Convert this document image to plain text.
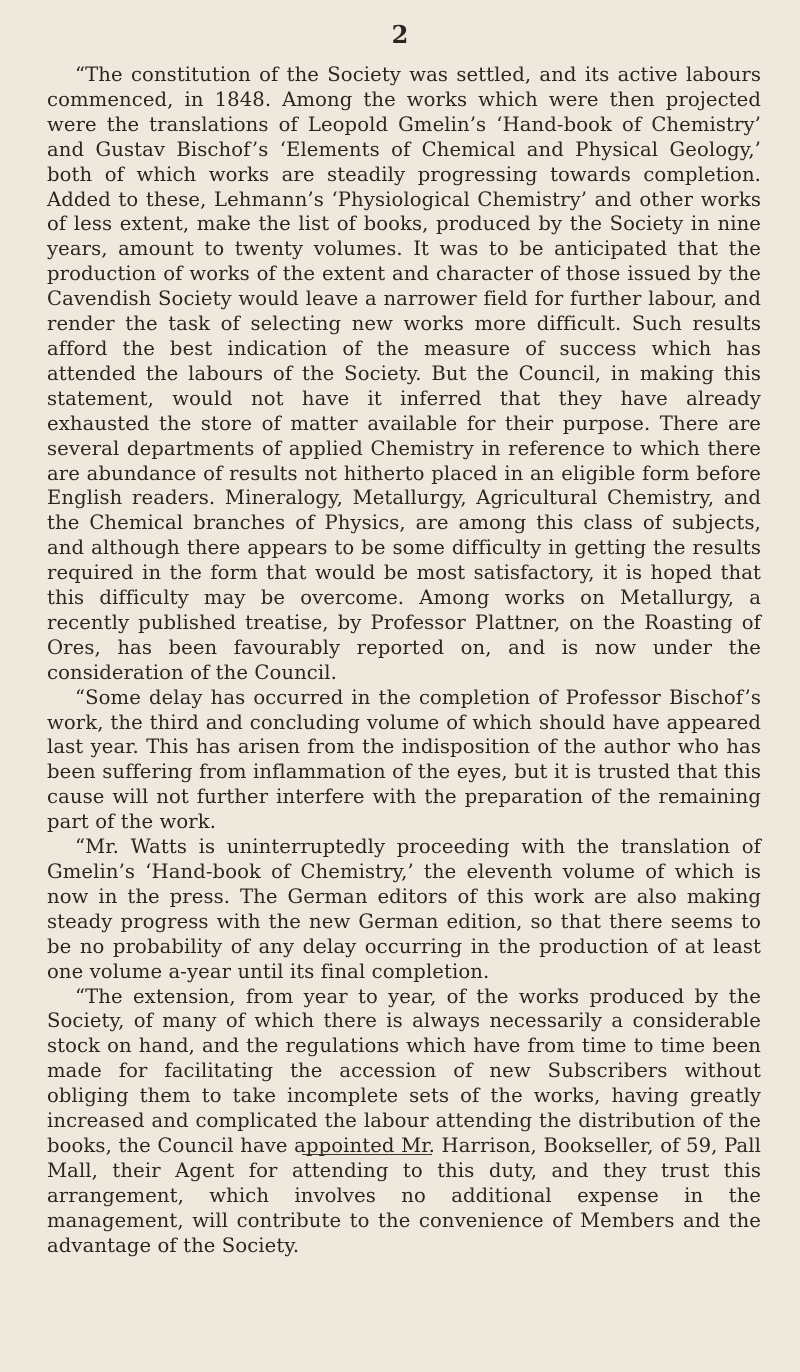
2

“The constitution of the Society was settled, and its active labours commenced, in 1848. Among the works which were then projected were the translations of Leopold Gmelin’s ‘Hand-book of Chemistry’ and Gustav Bischof’s ‘Elements of Chemical and Physical Geology,’ both of which works are steadily progressing towards completion. Added to these, Lehmann’s ‘Physiological Chemistry’ and other works of less extent, make the list of books, produced by the Society in nine years, amount to twenty volumes. It was to be anticipated that the production of works of the extent and character of those issued by the Cavendish Society would leave a narrower field for further labour, and render the task of selecting new works more difficult. Such results afford the best indication of the measure of success which has attended the labours of the Society. But the Council, in making this statement, would not have it inferred that they have already exhausted the store of matter available for their purpose. There are several departments of applied Chemistry in reference to which there are abundance of results not hitherto placed in an eligible form before English readers. Mineralogy, Metallurgy, Agricultural Chemistry, and the Chemical branches of Physics, are among this class of subjects, and although there appears to be some difficulty in getting the results required in the form that would be most satisfactory, it is hoped that this difficulty may be overcome. Among works on Metallurgy, a recently published treatise, by Professor Plattner, on the Roasting of Ores, has been favourably reported on, and is now under the consideration of the Council.

“Some delay has occurred in the completion of Professor Bischof’s work, the third and concluding volume of which should have appeared last year. This has arisen from the indisposition of the author who has been suffering from inflammation of the eyes, but it is trusted that this cause will not further interfere with the preparation of the remaining part of the work.

“Mr. Watts is uninterruptedly proceeding with the translation of Gmelin’s ‘Hand-book of Chemistry,’ the eleventh volume of which is now in the press. The German editors of this work are also making steady progress with the new German edition, so that there seems to be no probability of any delay occurring in the production of at least one volume a-year until its final completion.

“The extension, from year to year, of the works produced by the Society, of many of which there is always necessarily a considerable stock on hand, and the regulations which have from time to time been made for facilitating the accession of new Subscribers without obliging them to take incomplete sets of the works, having greatly increased and complicated the labour attending the distribution of the books, the Council have appointed Mr. Harrison, Bookseller, of 59, Pall Mall, their Agent for attending to this duty, and they trust this arrangement, which involves no additional expense in the management, will contribute to the convenience of Members and the advantage of the Society.
